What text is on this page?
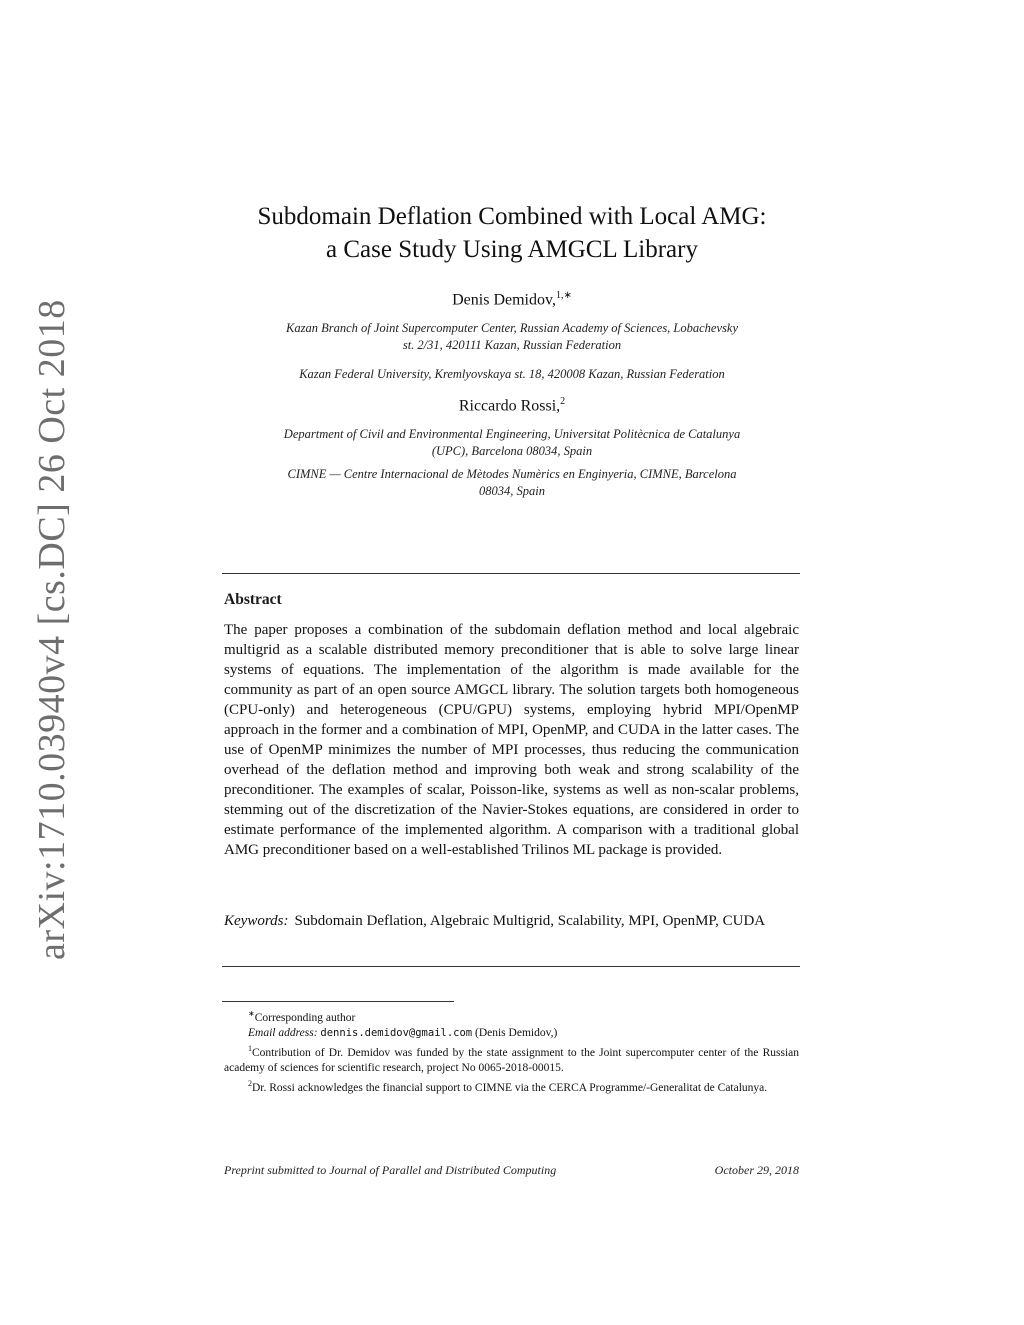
arXiv:1710.03940v4 [cs.DC] 26 Oct 2018
Subdomain Deflation Combined with Local AMG:
a Case Study Using AMGCL Library
Denis Demidov,$^{1,∗}$
Kazan Branch of Joint Supercomputer Center, Russian Academy of Sciences, Lobachevsky
st. 2/31, 420111 Kazan, Russian Federation
Kazan Federal University, Kremlyovskaya st. 18, 420008 Kazan, Russian Federation
Riccardo Rossi,$^2$
Department of Civil and Environmental Engineering, Universitat Politècnica de Catalunya
(UPC), Barcelona 08034, Spain
CIMNE — Centre Internacional de Mètodes Numèrics en Enginyeria, CIMNE, Barcelona
08034, Spain
Abstract
The paper proposes a combination of the subdomain deflation method and local algebraic multigrid as a scalable distributed memory preconditioner that is able to solve large linear systems of equations. The implementation of the algorithm is made available for the community as part of an open source AMGCL library. The solution targets both homogeneous (CPU-only) and heterogeneous (CPU/GPU) systems, employing hybrid MPI/OpenMP approach in the former and a combination of MPI, OpenMP, and CUDA in the latter cases. The use of OpenMP minimizes the number of MPI processes, thus reducing the communication overhead of the deflation method and improving both weak and strong scalability of the preconditioner. The examples of scalar, Poisson-like, systems as well as non-scalar problems, stemming out of the discretization of the Navier-Stokes equations, are considered in order to estimate performance of the implemented algorithm. A comparison with a traditional global AMG preconditioner based on a well-established Trilinos ML package is provided.
Keywords: Subdomain Deflation, Algebraic Multigrid, Scalability, MPI, OpenMP, CUDA

∗Corresponding author

Email address: dennis.demidov@gmail.com (Denis Demidov,)

$^1$Contribution of Dr. Demidov was funded by the state assignment to the Joint supercomputer center of the Russian academy of sciences for scientific research, project No 0065-2018-00015.

$^2$Dr. Rossi acknowledges the financial support to CIMNE via the CERCA Programme/-Generalitat de Catalunya.

Preprint submitted to Journal of Parallel and Distributed Computing	October 29, 2018
